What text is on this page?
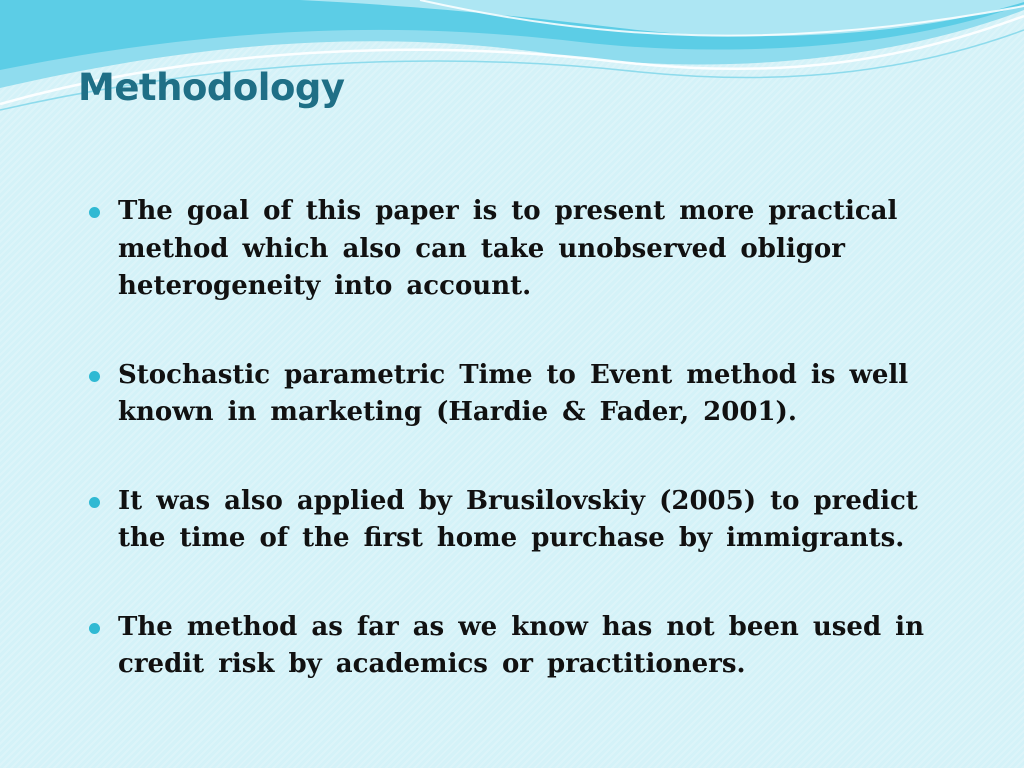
Methodology
The goal of this paper is to present more practical method which also can take unobserved obligor heterogeneity into account.
Stochastic parametric Time to Event method is well known in marketing (Hardie & Fader, 2001).
It was also applied by Brusilovskiy (2005) to predict the time of the first home purchase by immigrants.
The method as far as we know has not been used in credit risk by academics or practitioners.
